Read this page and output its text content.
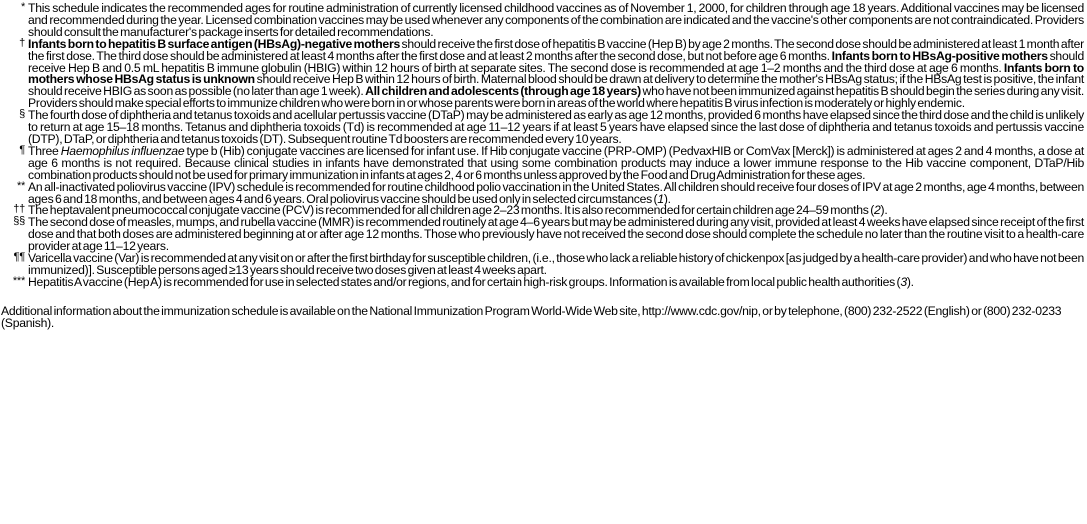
* This schedule indicates the recommended ages for routine administration of currently licensed childhood vaccines as of November 1, 2000, for children through age 18 years. Additional vaccines may be licensed and recommended during the year. Licensed combination vaccines may be used whenever any components of the combination are indicated and the vaccine's other components are not contraindicated. Providers should consult the manufacturer's package inserts for detailed recommendations.
† Infants born to hepatitis B surface antigen (HBsAg)-negative mothers should receive the first dose of hepatitis B vaccine (Hep B) by age 2 months. The second dose should be administered at least 1 month after the first dose. The third dose should be administered at least 4 months after the first dose and at least 2 months after the second dose, but not before age 6 months. Infants born to HBsAg-positive mothers should receive Hep B and 0.5 mL hepatitis B immune globulin (HBIG) within 12 hours of birth at separate sites. The second dose is recommended at age 1–2 months and the third dose at age 6 months. Infants born to mothers whose HBsAg status is unknown should receive Hep B within 12 hours of birth. Maternal blood should be drawn at delivery to determine the mother's HBsAg status; if the HBsAg test is positive, the infant should receive HBIG as soon as possible (no later than age 1 week). All children and adolescents (through age 18 years) who have not been immunized against hepatitis B should begin the series during any visit. Providers should make special efforts to immunize children who were born in or whose parents were born in areas of the world where hepatitis B virus infection is moderately or highly endemic.
§ The fourth dose of diphtheria and tetanus toxoids and acellular pertussis vaccine (DTaP) may be administered as early as age 12 months, provided 6 months have elapsed since the third dose and the child is unlikely to return at age 15–18 months. Tetanus and diphtheria toxoids (Td) is recommended at age 11–12 years if at least 5 years have elapsed since the last dose of diphtheria and tetanus toxoids and pertussis vaccine (DTP), DTaP, or diphtheria and tetanus toxoids (DT). Subsequent routine Td boosters are recommended every 10 years.
¶ Three Haemophilus influenzae type b (Hib) conjugate vaccines are licensed for infant use. If Hib conjugate vaccine (PRP-OMP) (PedvaxHIB or ComVax [Merck]) is administered at ages 2 and 4 months, a dose at age 6 months is not required. Because clinical studies in infants have demonstrated that using some combination products may induce a lower immune response to the Hib vaccine component, DTaP/Hib combination products should not be used for primary immunization in infants at ages 2, 4 or 6 months unless approved by the Food and Drug Administration for these ages.
** An all-inactivated poliovirus vaccine (IPV) schedule is recommended for routine childhood polio vaccination in the United States. All children should receive four doses of IPV at age 2 months, age 4 months, between ages 6 and 18 months, and between ages 4 and 6 years. Oral poliovirus vaccine should be used only in selected circumstances (1).
†† The heptavalent pneumococcal conjugate vaccine (PCV) is recommended for all children age 2–23 months. It is also recommended for certain children age 24–59 months (2).
§§ The second dose of measles, mumps, and rubella vaccine (MMR) is recommended routinely at age 4–6 years but may be administered during any visit, provided at least 4 weeks have elapsed since receipt of the first dose and that both doses are administered beginning at or after age 12 months. Those who previously have not received the second dose should complete the schedule no later than the routine visit to a health-care provider at age 11–12 years.
¶¶ Varicella vaccine (Var) is recommended at any visit on or after the first birthday for susceptible children, (i.e., those who lack a reliable history of chickenpox [as judged by a health-care provider) and who have not been immunized)]. Susceptible persons aged ≥13 years should receive two doses given at least 4 weeks apart.
*** Hepatitis A vaccine (Hep A) is recommended for use in selected states and/or regions, and for certain high-risk groups. Information is available from local public health authorities (3).
Additional information about the immunization schedule is available on the National Immunization Program World-Wide Web site, http://www.cdc.gov/nip, or by telephone, (800) 232-2522 (English) or (800) 232-0233 (Spanish).
